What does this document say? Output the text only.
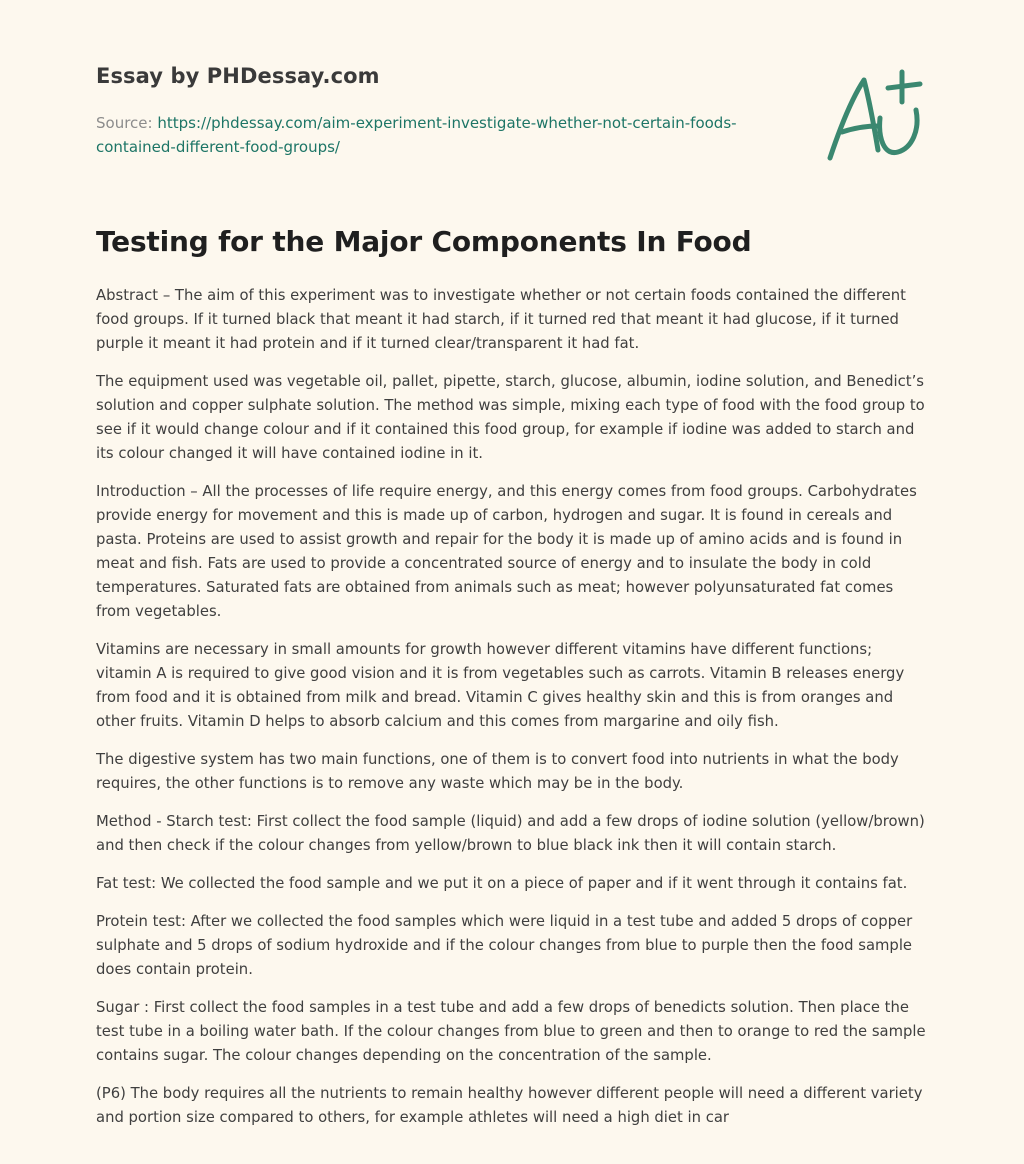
Essay by PHDessay.com

Source: https://phdessay.com/aim-experiment-investigate-whether-not-certain-foods-contained-different-food-groups/

Testing for the Major Components In Food

Abstract – The aim of this experiment was to investigate whether or not certain foods contained the different food groups. If it turned black that meant it had starch, if it turned red that meant it had glucose, if it turned purple it meant it had protein and if it turned clear/transparent it had fat.

The equipment used was vegetable oil, pallet, pipette, starch, glucose, albumin, iodine solution, and Benedict’s solution and copper sulphate solution. The method was simple, mixing each type of food with the food group to see if it would change colour and if it contained this food group, for example if iodine was added to starch and its colour changed it will have contained iodine in it.

Introduction – All the processes of life require energy, and this energy comes from food groups. Carbohydrates provide energy for movement and this is made up of carbon, hydrogen and sugar. It is found in cereals and pasta. Proteins are used to assist growth and repair for the body it is made up of amino acids and is found in meat and fish. Fats are used to provide a concentrated source of energy and to insulate the body in cold temperatures. Saturated fats are obtained from animals such as meat; however polyunsaturated fat comes from vegetables.

Vitamins are necessary in small amounts for growth however different vitamins have different functions; vitamin A is required to give good vision and it is from vegetables such as carrots. Vitamin B releases energy from food and it is obtained from milk and bread. Vitamin C gives healthy skin and this is from oranges and other fruits. Vitamin D helps to absorb calcium and this comes from margarine and oily fish.

The digestive system has two main functions, one of them is to convert food into nutrients in what the body requires, the other functions is to remove any waste which may be in the body.

Method - Starch test: First collect the food sample (liquid) and add a few drops of iodine solution (yellow/brown) and then check if the colour changes from yellow/brown to blue black ink then it will contain starch.

Fat test: We collected the food sample and we put it on a piece of paper and if it went through it contains fat.

Protein test: After we collected the food samples which were liquid in a test tube and added 5 drops of copper sulphate and 5 drops of sodium hydroxide and if the colour changes from blue to purple then the food sample does contain protein.

Sugar : First collect the food samples in a test tube and add a few drops of benedicts solution. Then place the test tube in a boiling water bath. If the colour changes from blue to green and then to orange to red the sample contains sugar. The colour changes depending on the concentration of the sample.

(P6) The body requires all the nutrients to remain healthy however different people will need a different variety and portion size compared to others, for example athletes will need a high diet in car
